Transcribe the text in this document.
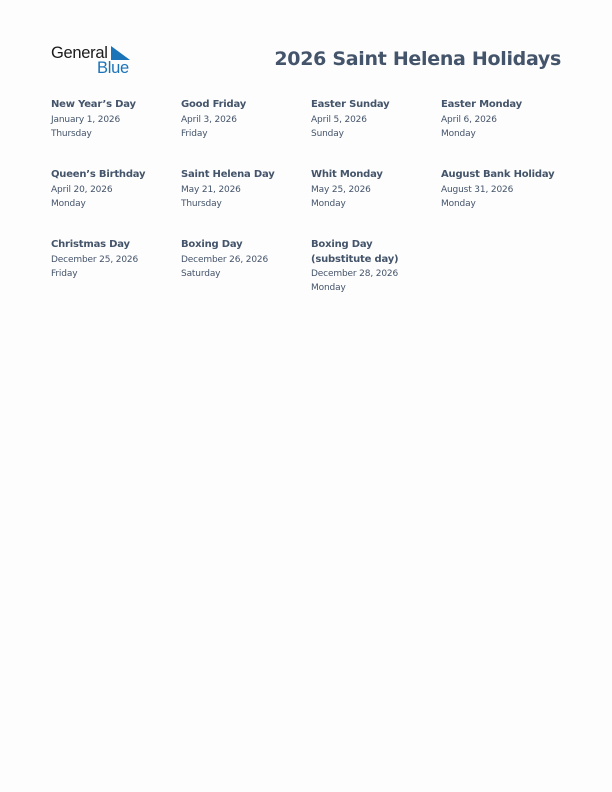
General
Blue	2026 Saint Helena Holidays
New Year’s Day
January 1, 2026
Thursday
Good Friday
April 3, 2026
Friday
Easter Sunday
April 5, 2026
Sunday
Easter Monday
April 6, 2026
Monday
Queen’s Birthday
April 20, 2026
Monday
Saint Helena Day
May 21, 2026
Thursday
Whit Monday
May 25, 2026
Monday
August Bank Holiday
August 31, 2026
Monday
Christmas Day
December 25, 2026
Friday
Boxing Day
December 26, 2026
Saturday
Boxing Day (substitute day)
December 28, 2026
Monday
